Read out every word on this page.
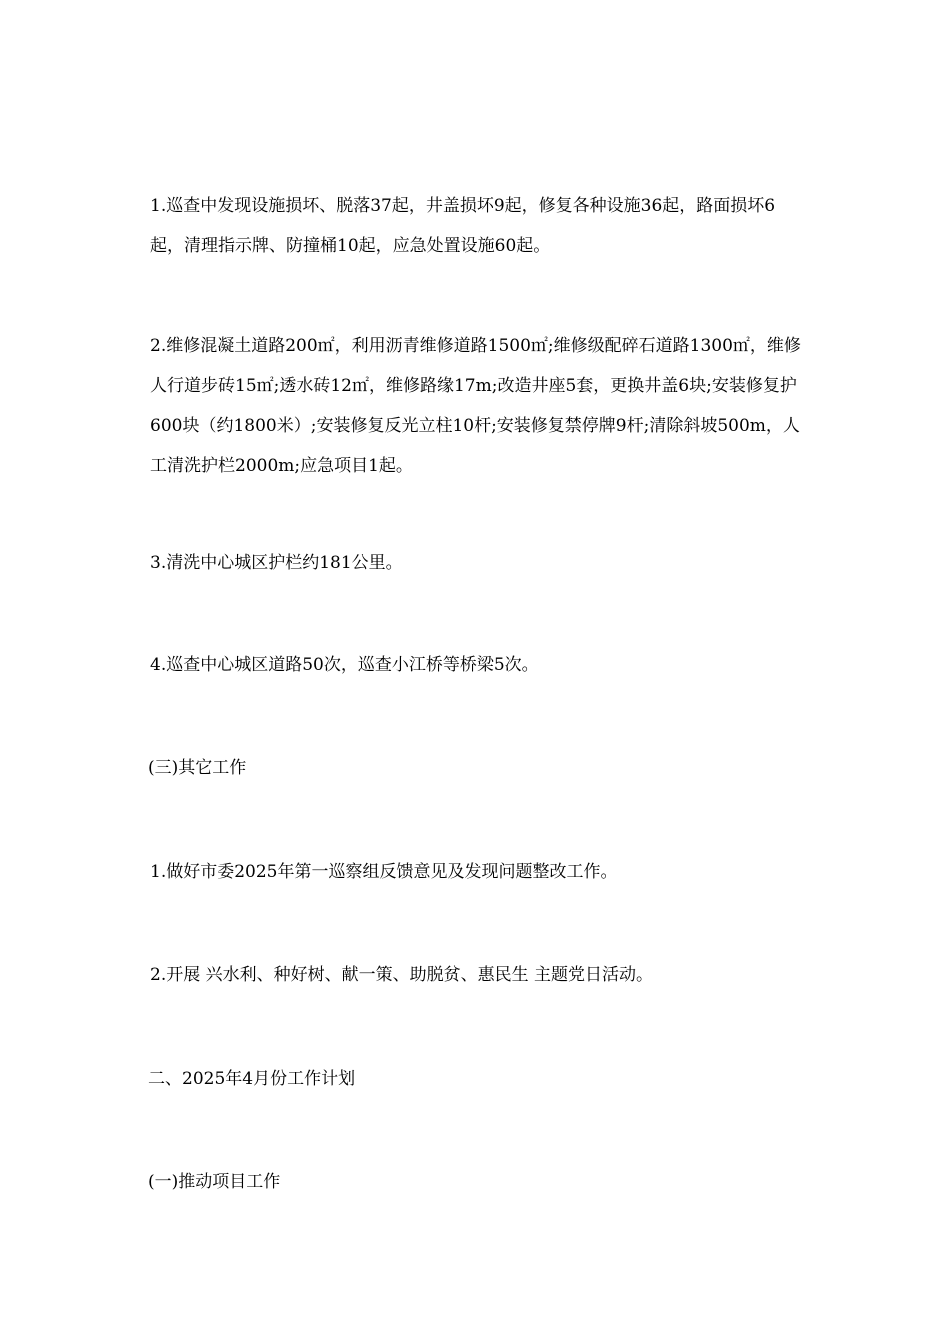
1.巡查中发现设施损坏、脱落37起，井盖损坏9起，修复各种设施36起，路面损坏6起，清理指示牌、防撞桶10起，应急处置设施60起。

2.维修混凝土道路200㎡，利用沥青维修道路1500㎡;维修级配碎石道路1300㎡，维修人行道步砖15㎡;透水砖12㎡，维修路缘17m;改造井座5套，更换井盖6块;安装修复护600块（约1800米）;安装修复反光立柱10杆;安装修复禁停牌9杆;清除斜坡500m，人工清洗护栏2000m;应急项目1起。

3.清洗中心城区护栏约181公里。

4.巡查中心城区道路50次，巡查小江桥等桥梁5次。

(三)其它工作

1.做好市委2025年第一巡察组反馈意见及发现问题整改工作。

2.开展 兴水利、种好树、献一策、助脱贫、惠民生 主题党日活动。

二、2025年4月份工作计划

(一)推动项目工作
